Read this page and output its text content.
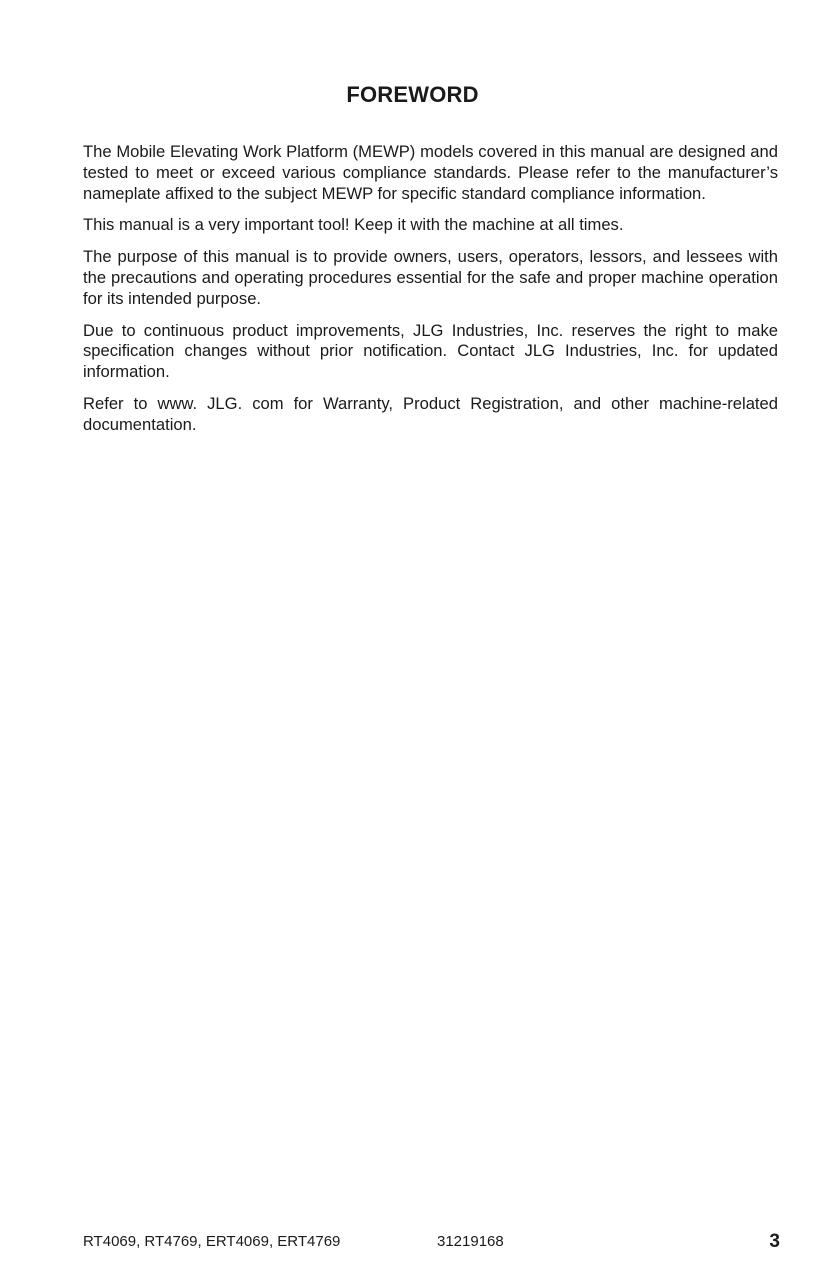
FOREWORD

The Mobile Elevating Work Platform (MEWP) models covered in this manual are designed and tested to meet or exceed various compliance standards. Please refer to the manufacturer’s nameplate affixed to the subject MEWP for specific standard compliance information.

This manual is a very important tool! Keep it with the machine at all times.

The purpose of this manual is to provide owners, users, operators, lessors, and lessees with the precautions and operating procedures essential for the safe and proper machine operation for its intended purpose.

Due to continuous product improvements, JLG Industries, Inc. reserves the right to make specification changes without prior notification. Contact JLG Industries, Inc. for updated information.

Refer to www. JLG. com for Warranty, Product Registration, and other machine-related documentation.

RT4069, RT4769, ERT4069, ERT4769	31219168	3
